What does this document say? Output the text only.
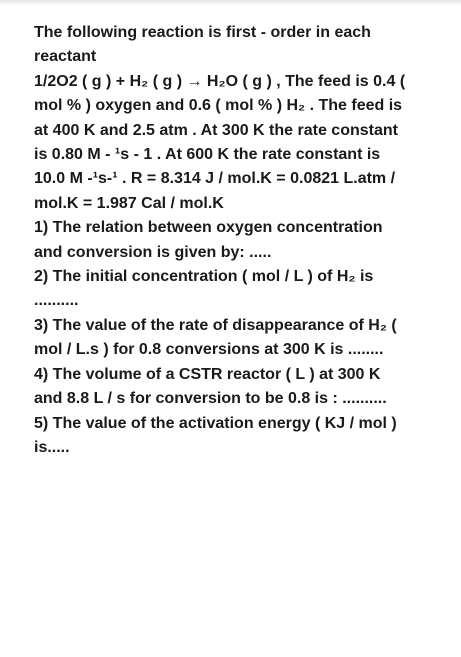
The following reaction is first - order in each
reactant
1/2O2 ( g ) + H₂ ( g ) → H₂O ( g ) , The feed is 0.4 (
mol % ) oxygen and 0.6 ( mol % ) H₂ . The feed is
at 400 K and 2.5 atm . At 300 K the rate constant
is 0.80 M - ¹s - 1 . At 600 K the rate constant is
10.0 M -¹s-¹ . R = 8.314 J / mol.K = 0.0821 L.atm /
mol.K = 1.987 Cal / mol.K
1) The relation between oxygen concentration
and conversion is given by: .....
2) The initial concentration ( mol / L ) of H₂ is
..........
3) The value of the rate of disappearance of H₂ (
mol / L.s ) for 0.8 conversions at 300 K is ........
4) The volume of a CSTR reactor ( L ) at 300 K
and 8.8 L / s for conversion to be 0.8 is : ..........
5) The value of the activation energy ( KJ / mol )
is.....
